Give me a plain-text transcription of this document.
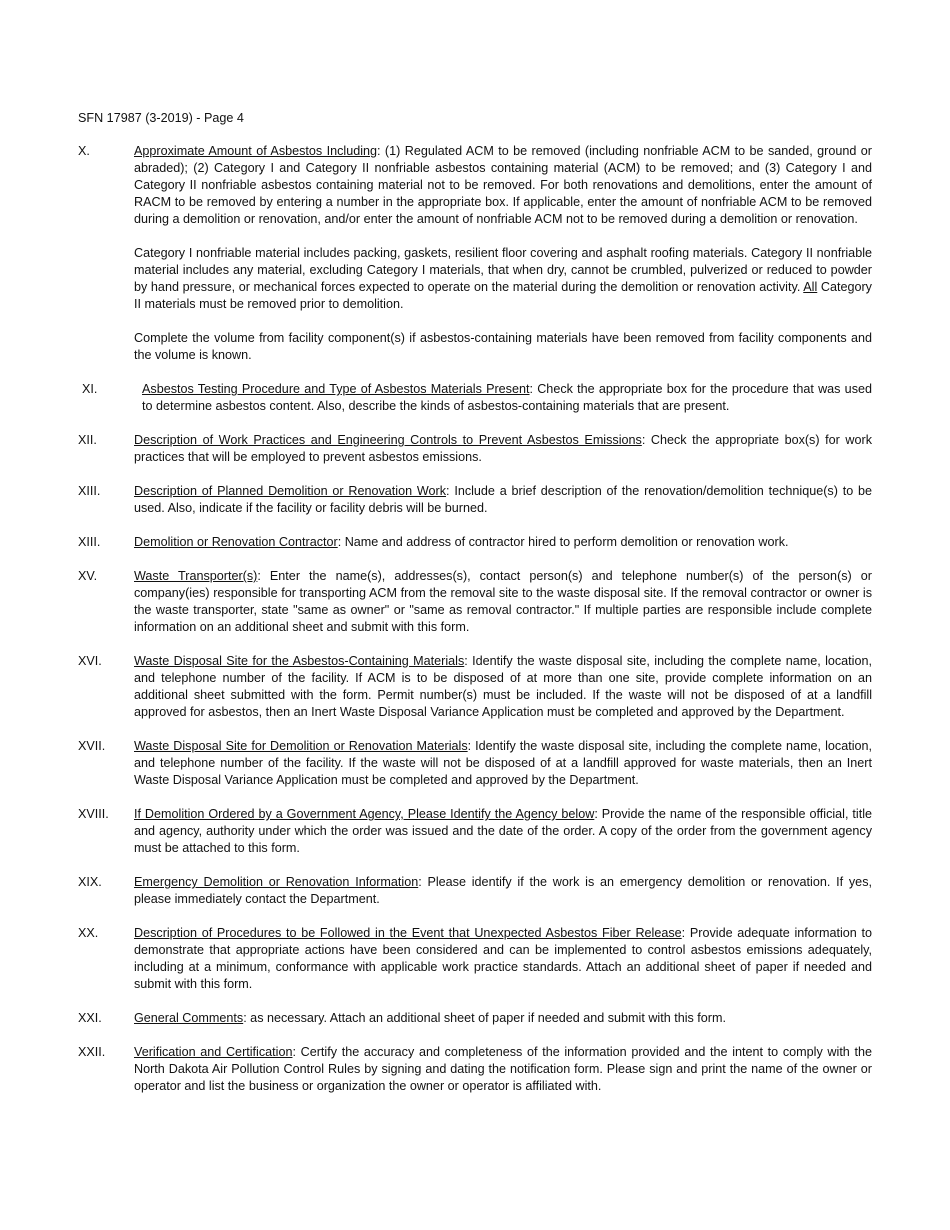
SFN 17987 (3-2019) - Page 4
X.	Approximate Amount of Asbestos Including: (1) Regulated ACM to be removed (including nonfriable ACM to be sanded, ground or abraded); (2) Category I and Category II nonfriable asbestos containing material (ACM) to be removed; and (3) Category I and Category II nonfriable asbestos containing material not to be removed. For both renovations and demolitions, enter the amount of RACM to be removed by entering a number in the appropriate box. If applicable, enter the amount of nonfriable ACM to be removed during a demolition or renovation, and/or enter the amount of nonfriable ACM not to be removed during a demolition or renovation.

Category I nonfriable material includes packing, gaskets, resilient floor covering and asphalt roofing materials. Category II nonfriable material includes any material, excluding Category I materials, that when dry, cannot be crumbled, pulverized or reduced to powder by hand pressure, or mechanical forces expected to operate on the material during the demolition or renovation activity. All Category II materials must be removed prior to demolition.

Complete the volume from facility component(s) if asbestos-containing materials have been removed from facility components and the volume is known.

XI.	Asbestos Testing Procedure and Type of Asbestos Materials Present: Check the appropriate box for the procedure that was used to determine asbestos content. Also, describe the kinds of asbestos-containing materials that are present.

XII.	Description of Work Practices and Engineering Controls to Prevent Asbestos Emissions: Check the appropriate box(s) for work practices that will be employed to prevent asbestos emissions.

XIII.	Description of Planned Demolition or Renovation Work: Include a brief description of the renovation/demolition technique(s) to be used. Also, indicate if the facility or facility debris will be burned.

XIII.	Demolition or Renovation Contractor: Name and address of contractor hired to perform demolition or renovation work.

XV.	Waste Transporter(s): Enter the name(s), addresses(s), contact person(s) and telephone number(s) of the person(s) or company(ies) responsible for transporting ACM from the removal site to the waste disposal site. If the removal contractor or owner is the waste transporter, state "same as owner" or "same as removal contractor." If multiple parties are responsible include complete information on an additional sheet and submit with this form.

XVI.	Waste Disposal Site for the Asbestos-Containing Materials: Identify the waste disposal site, including the complete name, location, and telephone number of the facility. If ACM is to be disposed of at more than one site, provide complete information on an additional sheet submitted with the form. Permit number(s) must be included. If the waste will not be disposed of at a landfill approved for asbestos, then an Inert Waste Disposal Variance Application must be completed and approved by the Department.

XVII.	Waste Disposal Site for Demolition or Renovation Materials: Identify the waste disposal site, including the complete name, location, and telephone number of the facility. If the waste will not be disposed of at a landfill approved for waste materials, then an Inert Waste Disposal Variance Application must be completed and approved by the Department.

XVIII.	If Demolition Ordered by a Government Agency, Please Identify the Agency below: Provide the name of the responsible official, title and agency, authority under which the order was issued and the date of the order. A copy of the order from the government agency must be attached to this form.

XIX.	Emergency Demolition or Renovation Information: Please identify if the work is an emergency demolition or renovation. If yes, please immediately contact the Department.

XX.	Description of Procedures to be Followed in the Event that Unexpected Asbestos Fiber Release: Provide adequate information to demonstrate that appropriate actions have been considered and can be implemented to control asbestos emissions adequately, including at a minimum, conformance with applicable work practice standards. Attach an additional sheet of paper if needed and submit with this form.

XXI.	General Comments: as necessary. Attach an additional sheet of paper if needed and submit with this form.

XXII.	Verification and Certification: Certify the accuracy and completeness of the information provided and the intent to comply with the North Dakota Air Pollution Control Rules by signing and dating the notification form. Please sign and print the name of the owner or operator and list the business or organization the owner or operator is affiliated with.
